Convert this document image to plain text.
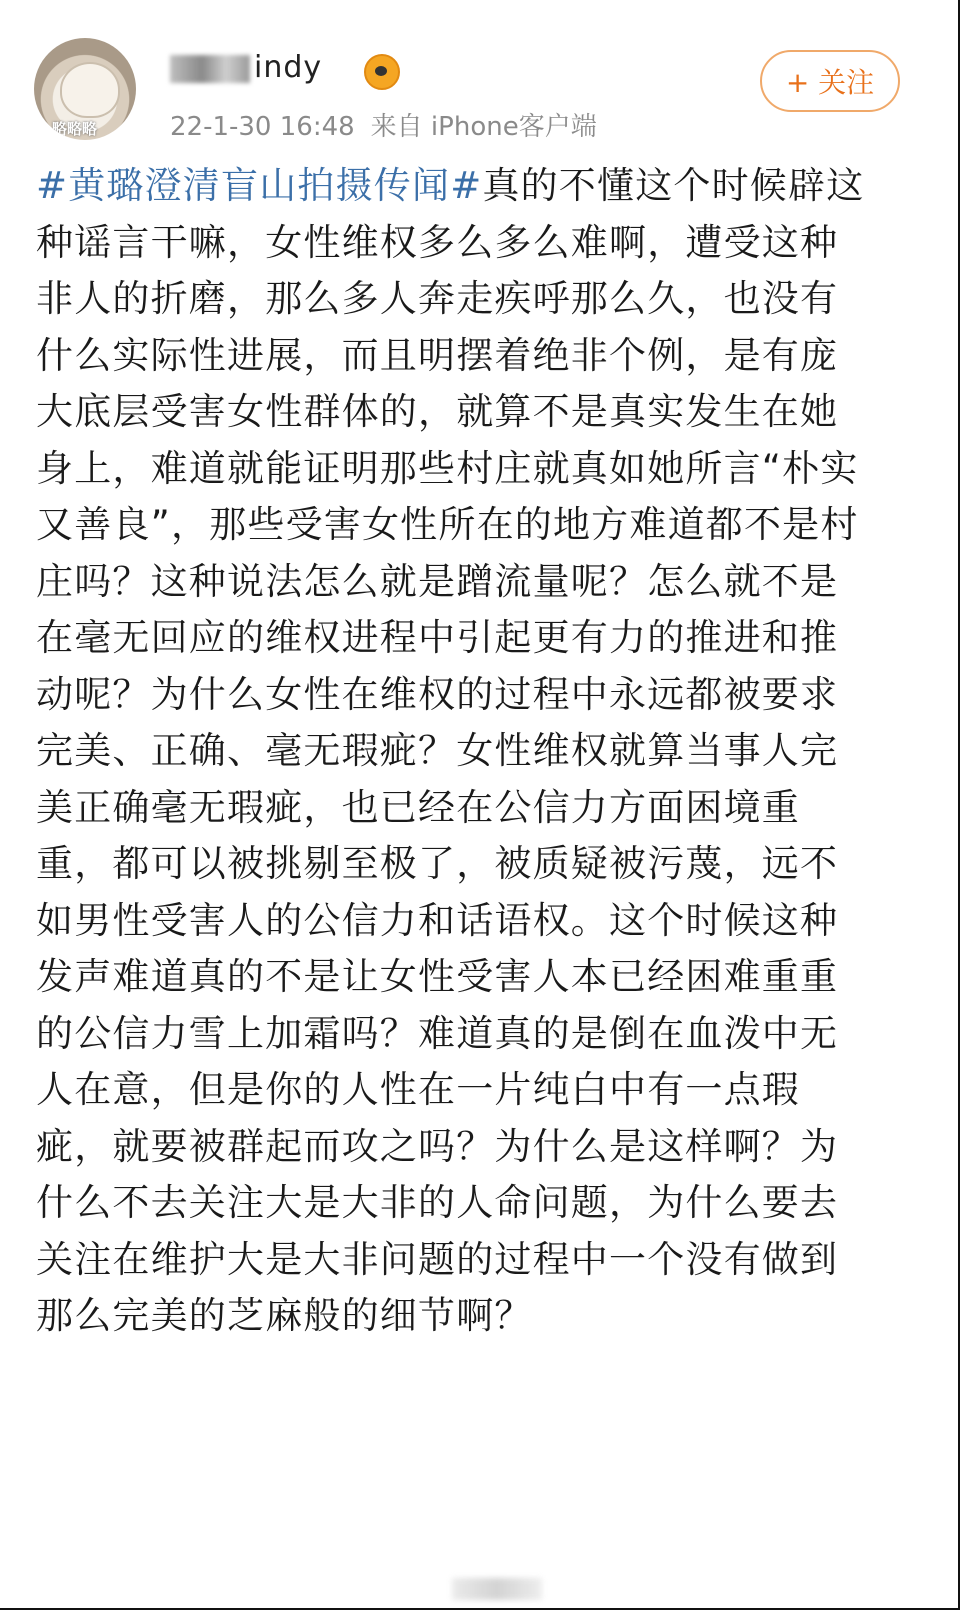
略略略
indy
22-1-30 16:48 来自 iPhone客户端
+ 关注
#黄璐澄清盲山拍摄传闻#真的不懂这个时候辟这种谣言干嘛，女性维权多么多么难啊，遭受这种非人的折磨，那么多人奔走疾呼那么久，也没有什么实际性进展，而且明摆着绝非个例，是有庞大底层受害女性群体的，就算不是真实发生在她身上，难道就能证明那些村庄就真如她所言“朴实又善良”，那些受害女性所在的地方难道都不是村庄吗？这种说法怎么就是蹭流量呢？怎么就不是在毫无回应的维权进程中引起更有力的推进和推动呢？为什么女性在维权的过程中永远都被要求完美、正确、毫无瑕疵？女性维权就算当事人完美正确毫无瑕疵，也已经在公信力方面困境重重，都可以被挑剔至极了，被质疑被污蔑，远不如男性受害人的公信力和话语权。这个时候这种发声难道真的不是让女性受害人本已经困难重重的公信力雪上加霜吗？难道真的是倒在血泼中无人在意，但是你的人性在一片纯白中有一点瑕疵，就要被群起而攻之吗？为什么是这样啊？为什么不去关注大是大非的人命问题，为什么要去关注在维护大是大非问题的过程中一个没有做到那么完美的芝麻般的细节啊？
